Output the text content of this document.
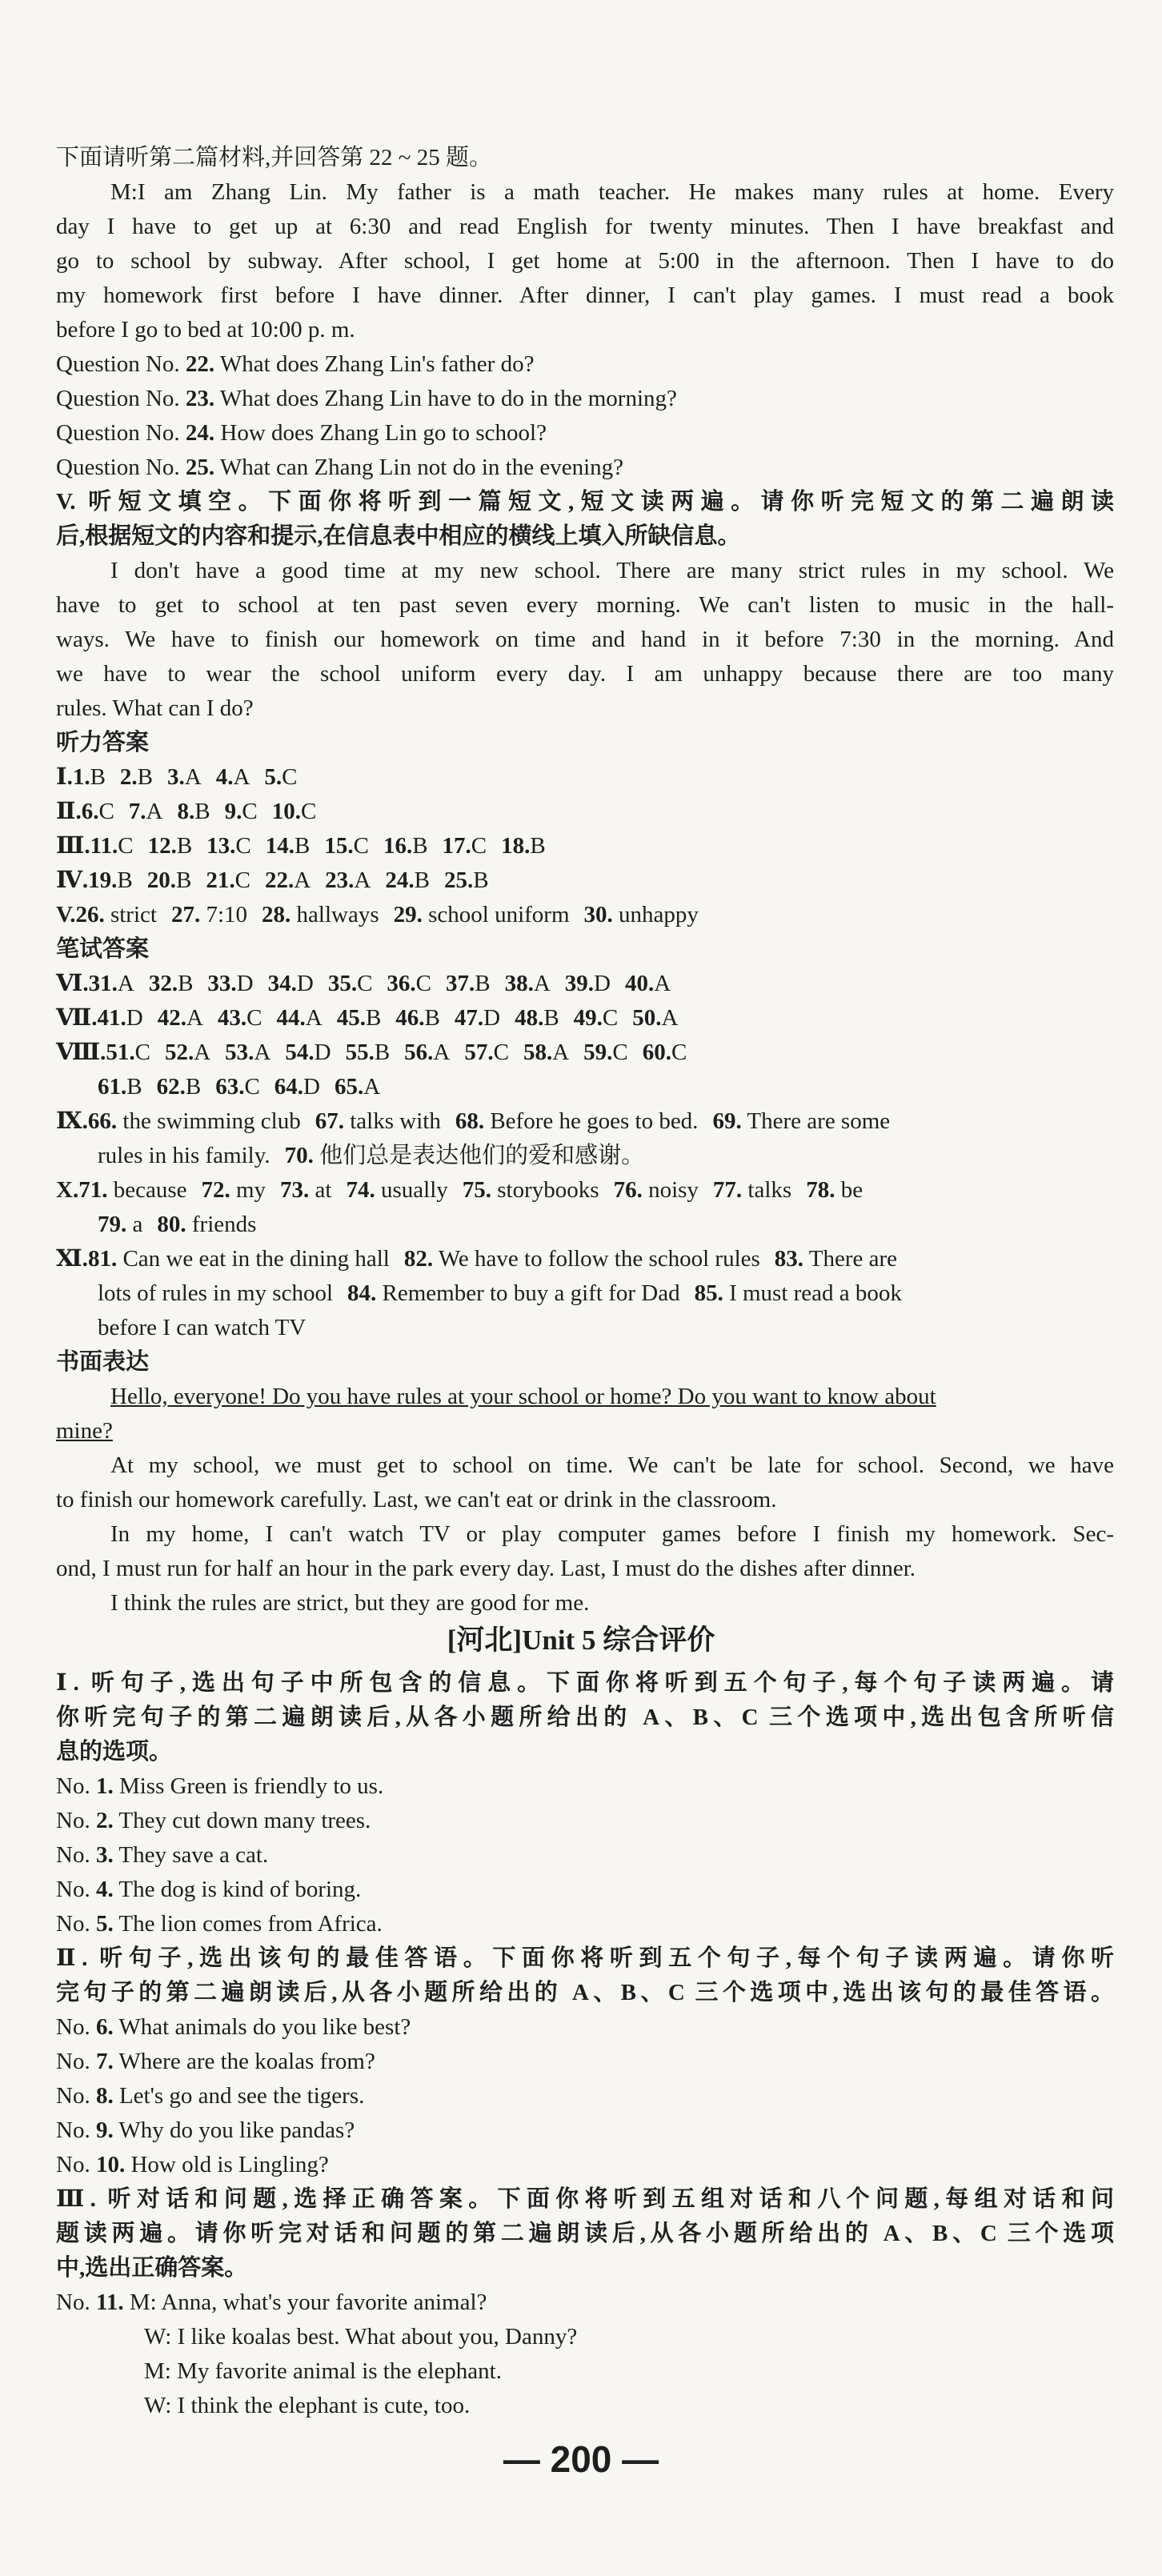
下面请听第二篇材料,并回答第 22 ~ 25 题。
M:I am Zhang Lin. My father is a math teacher. He makes many rules at home. Every
day I have to get up at 6:30 and read English for twenty minutes. Then I have breakfast and
go to school by subway. After school, I get home at 5:00 in the afternoon. Then I have to do
my homework first before I have dinner. After dinner, I can't play games. I must read a book
before I go to bed at 10:00 p. m.
Question No. 22. What does Zhang Lin's father do?
Question No. 23. What does Zhang Lin have to do in the morning?
Question No. 24. How does Zhang Lin go to school?
Question No. 25. What can Zhang Lin not do in the evening?
V. 听短文填空。下面你将听到一篇短文,短文读两遍。请你听完短文的第二遍朗读
后,根据短文的内容和提示,在信息表中相应的横线上填入所缺信息。
I don't have a good time at my new school. There are many strict rules in my school. We
have to get to school at ten past seven every morning. We can't listen to music in the hall-
ways. We have to finish our homework on time and hand in it before 7:30 in the morning. And
we have to wear the school uniform every day. I am unhappy because there are too many
rules. What can I do?
听力答案
Ⅰ.1.B 2.B 3.A 4.A 5.C
Ⅱ.6.C 7.A 8.B 9.C 10.C
Ⅲ.11.C 12.B 13.C 14.B 15.C 16.B 17.C 18.B
Ⅳ.19.B 20.B 21.C 22.A 23.A 24.B 25.B
V.26. strict 27. 7:10 28. hallways 29. school uniform 30. unhappy
笔试答案
Ⅵ.31.A 32.B 33.D 34.D 35.C 36.C 37.B 38.A 39.D 40.A
Ⅶ.41.D 42.A 43.C 44.A 45.B 46.B 47.D 48.B 49.C 50.A
Ⅷ.51.C 52.A 53.A 54.D 55.B 56.A 57.C 58.A 59.C 60.C
61.B 62.B 63.C 64.D 65.A
Ⅸ.66. the swimming club 67. talks with 68. Before he goes to bed. 69. There are some
rules in his family. 70. 他们总是表达他们的爱和感谢。
X.71. because 72. my 73. at 74. usually 75. storybooks 76. noisy 77. talks 78. be
79. a 80. friends
Ⅺ.81. Can we eat in the dining hall 82. We have to follow the school rules 83. There are
lots of rules in my school 84. Remember to buy a gift for Dad 85. I must read a book
before I can watch TV
书面表达
Hello, everyone! Do you have rules at your school or home? Do you want to know about
mine?
At my school, we must get to school on time. We can't be late for school. Second, we have
to finish our homework carefully. Last, we can't eat or drink in the classroom.
In my home, I can't watch TV or play computer games before I finish my homework. Sec-
ond, I must run for half an hour in the park every day. Last, I must do the dishes after dinner.
I think the rules are strict, but they are good for me.
[河北]Unit 5 综合评价
Ⅰ. 听句子,选出句子中所包含的信息。下面你将听到五个句子,每个句子读两遍。请
你听完句子的第二遍朗读后,从各小题所给出的 A、B、C 三个选项中,选出包含所听信
息的选项。
No. 1. Miss Green is friendly to us.
No. 2. They cut down many trees.
No. 3. They save a cat.
No. 4. The dog is kind of boring.
No. 5. The lion comes from Africa.
Ⅱ. 听句子,选出该句的最佳答语。下面你将听到五个句子,每个句子读两遍。请你听
完句子的第二遍朗读后,从各小题所给出的 A、B、C 三个选项中,选出该句的最佳答语。
No. 6. What animals do you like best?
No. 7. Where are the koalas from?
No. 8. Let's go and see the tigers.
No. 9. Why do you like pandas?
No. 10. How old is Lingling?
Ⅲ. 听对话和问题,选择正确答案。下面你将听到五组对话和八个问题,每组对话和问
题读两遍。请你听完对话和问题的第二遍朗读后,从各小题所给出的 A、B、C 三个选项
中,选出正确答案。
No. 11. M: Anna, what's your favorite animal?
W: I like koalas best. What about you, Danny?
M: My favorite animal is the elephant.
W: I think the elephant is cute, too.
— 200 —
